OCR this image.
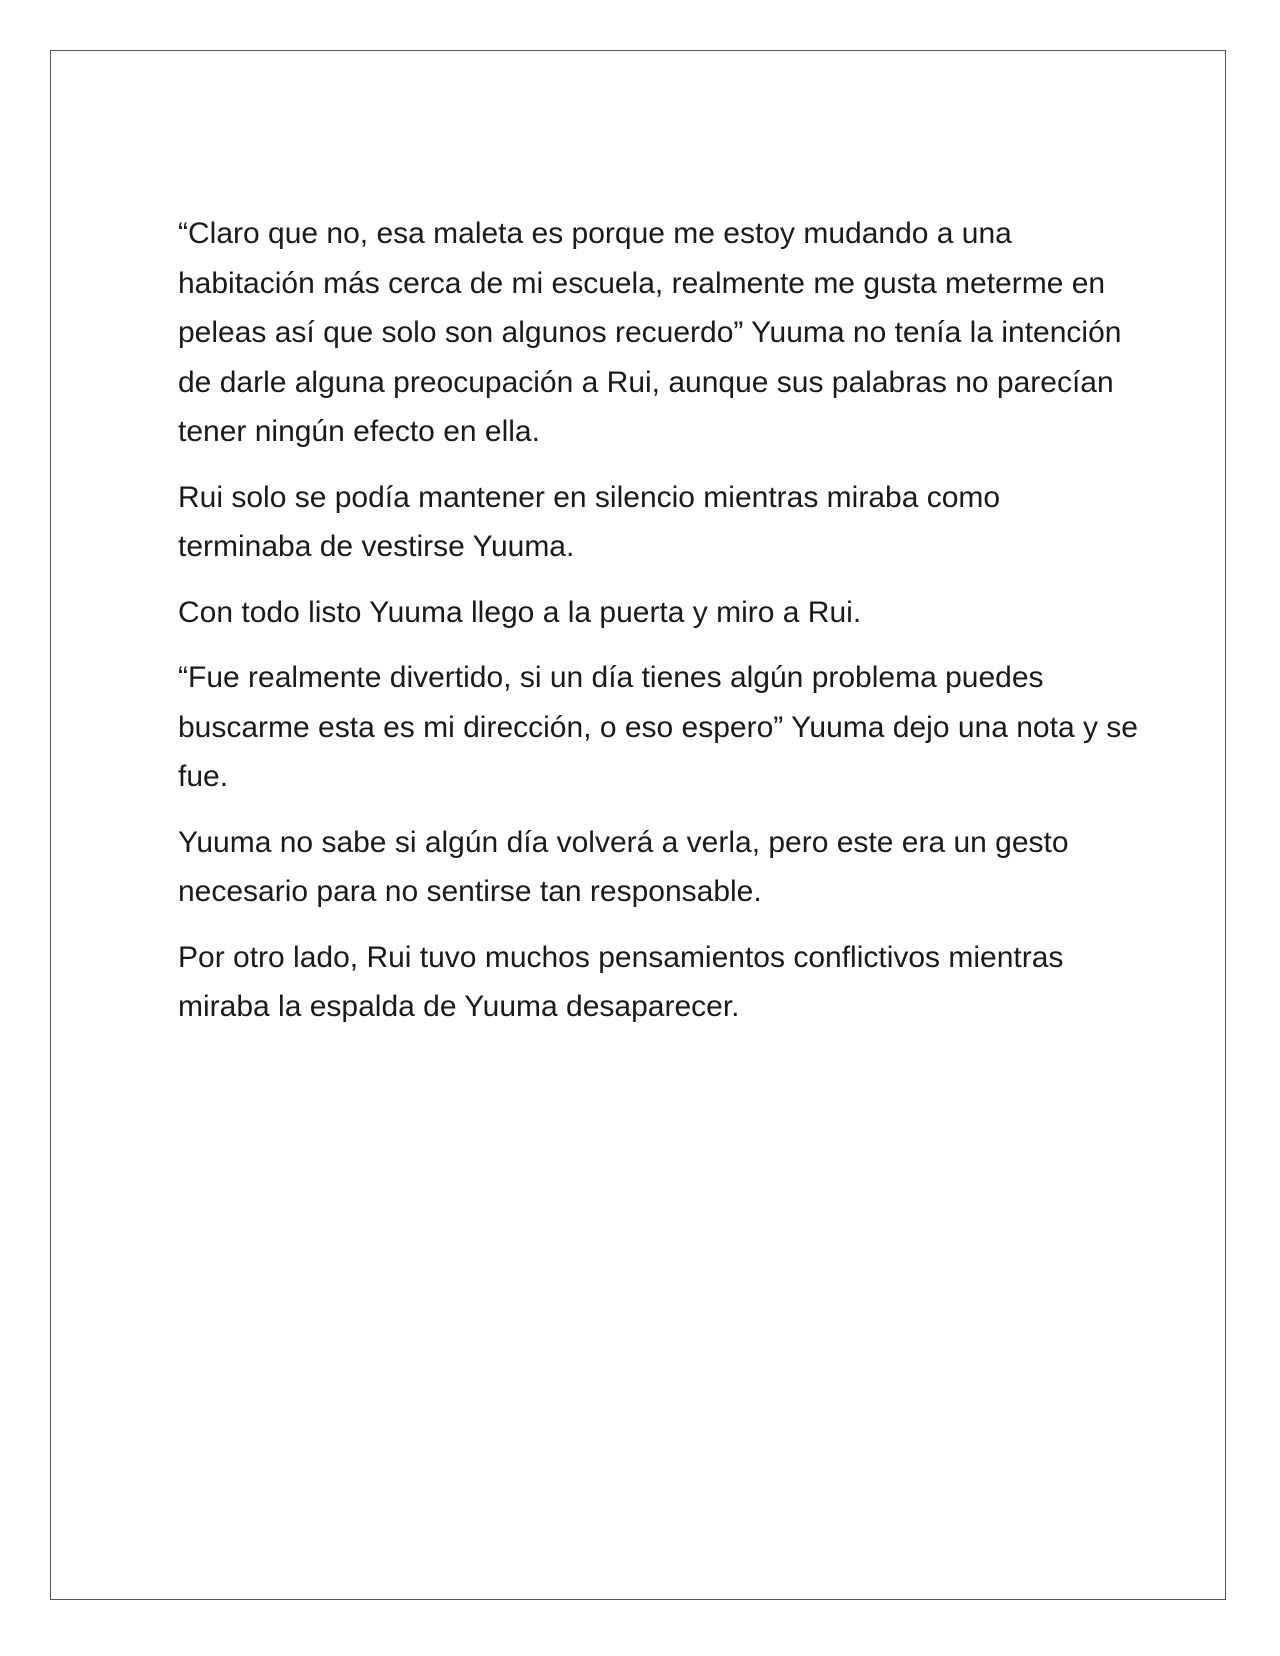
“Claro que no, esa maleta es porque me estoy mudando a una habitación más cerca de mi escuela, realmente me gusta meterme en peleas así que solo son algunos recuerdo” Yuuma no tenía la intención de darle alguna preocupación a Rui, aunque sus palabras no parecían tener ningún efecto en ella.

Rui solo se podía mantener en silencio mientras miraba como terminaba de vestirse Yuuma.

Con todo listo Yuuma llego a la puerta y miro a Rui.

“Fue realmente divertido, si un día tienes algún problema puedes buscarme esta es mi dirección, o eso espero” Yuuma dejo una nota y se fue.

Yuuma no sabe si algún día volverá a verla, pero este era un gesto necesario para no sentirse tan responsable.

Por otro lado, Rui tuvo muchos pensamientos conflictivos mientras miraba la espalda de Yuuma desaparecer.
